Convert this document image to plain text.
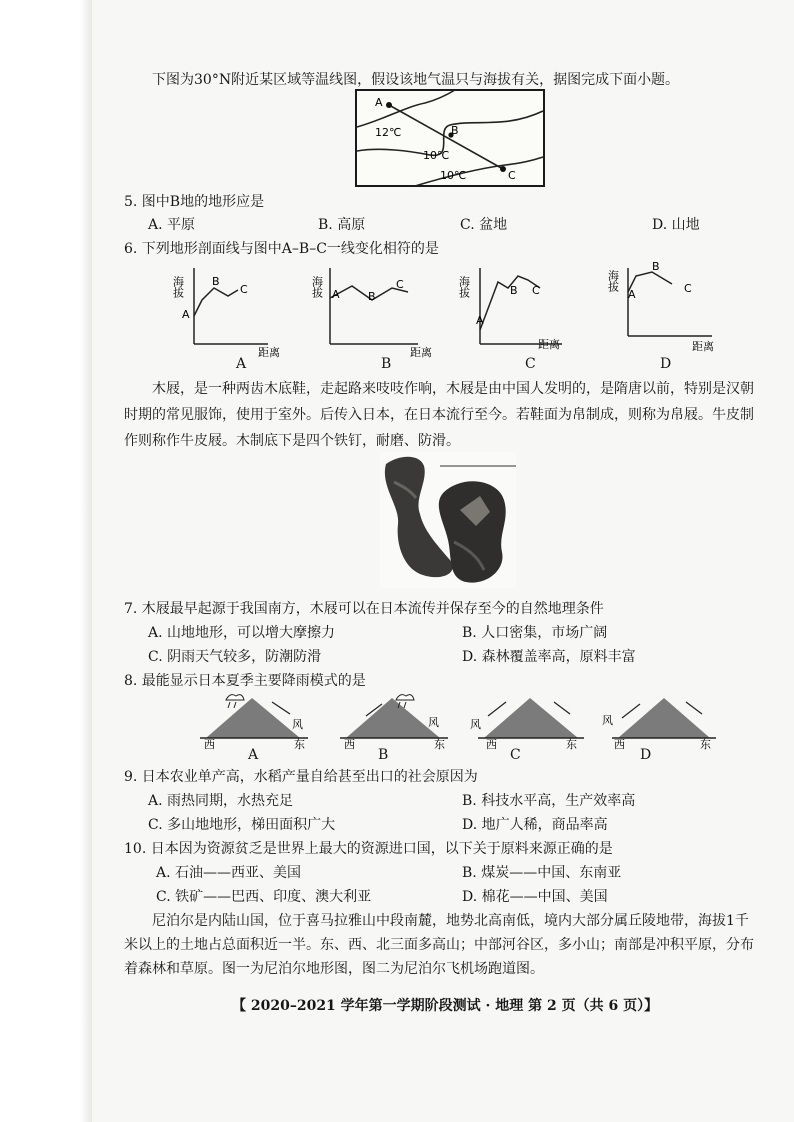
下图为30°N附近某区域等温线图，假设该地气温只与海拔有关，据图完成下面小题。
A
B
C
12℃
10℃
10℃
5. 图中B地的地形应是
A. 平原	B. 高原	C. 盆地	D. 山地
6. 下列地形剖面线与图中A–B–C一线变化相符的是
海拔
A
B
C
距离
海拔 A	B
C
距离
海拔
A
B C
距离
海拔
A
B
C
距离
A	B	C	D
木屐，是一种两齿木底鞋，走起路来吱吱作响，木屐是由中国人发明的，是隋唐以前，特别是汉朝
时期的常见服饰，使用于室外。后传入日本，在日本流行至今。若鞋面为帛制成，则称为帛屐。牛皮制
作则称作牛皮屐。木制底下是四个铁钉，耐磨、防滑。
7. 木屐最早起源于我国南方，木屐可以在日本流传并保存至今的自然地理条件
A. 山地地形，可以增大摩擦力	B. 人口密集，市场广阔
C. 阴雨天气较多，防潮防滑	D. 森林覆盖率高，原料丰富
8. 最能显示日本夏季主要降雨模式的是
西	东
风
西	东
风	风
西	东
风
西	东
A	B	C	D
9. 日本农业单产高，水稻产量自给甚至出口的社会原因为
A. 雨热同期，水热充足	B. 科技水平高，生产效率高
C. 多山地地形，梯田面积广大	D. 地广人稀，商品率高
10. 日本因为资源贫乏是世界上最大的资源进口国，以下关于原料来源正确的是
A. 石油——西亚、美国	B. 煤炭——中国、东南亚
C. 铁矿——巴西、印度、澳大利亚	D. 棉花——中国、美国
尼泊尔是内陆山国，位于喜马拉雅山中段南麓，地势北高南低，境内大部分属丘陵地带，海拔1千
米以上的土地占总面积近一半。东、西、北三面多高山；中部河谷区，多小山；南部是冲积平原，分布
着森林和草原。图一为尼泊尔地形图，图二为尼泊尔飞机场跑道图。
【 2020–2021 学年第一学期阶段测试 · 地理 第 2 页（共 6 页）】
